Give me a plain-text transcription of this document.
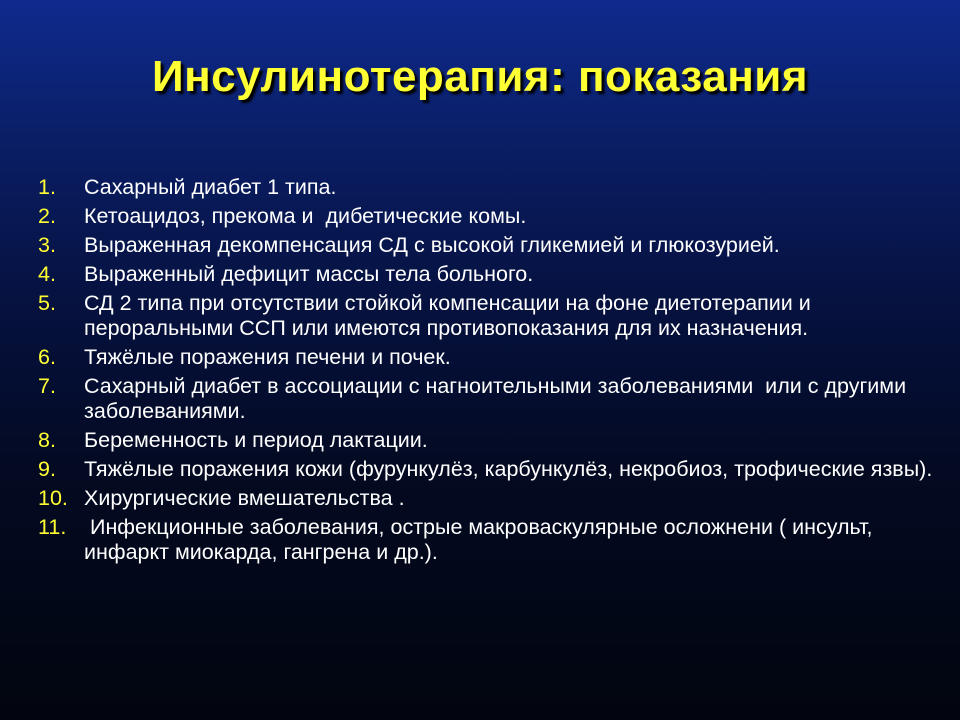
Инсулинотерапия: показания
1.	Сахарный диабет 1 типа.
2.	Кетоацидоз, прекома и  дибетические комы.
3.	Выраженная декомпенсация СД с высокой гликемией и глюкозурией.
4.	Выраженный дефицит массы тела больного.
5.	СД 2 типа при отсутствии стойкой компенсации на фоне диетотерапии и пероральными ССП или имеются противопоказания для их назначения.
6.	Тяжёлые поражения печени и почек.
7.	Сахарный диабет в ассоциации с нагноительными заболеваниями  или с другими заболеваниями.
8.	Беременность и период лактации.
9.	Тяжёлые поражения кожи (фурункулёз, карбункулёз, некробиоз, трофические язвы).
10. Хирургические вмешательства .
11. Инфекционные заболевания, острые макроваскулярные осложнени ( инсульт, инфаркт миокарда, гангрена и др.).
